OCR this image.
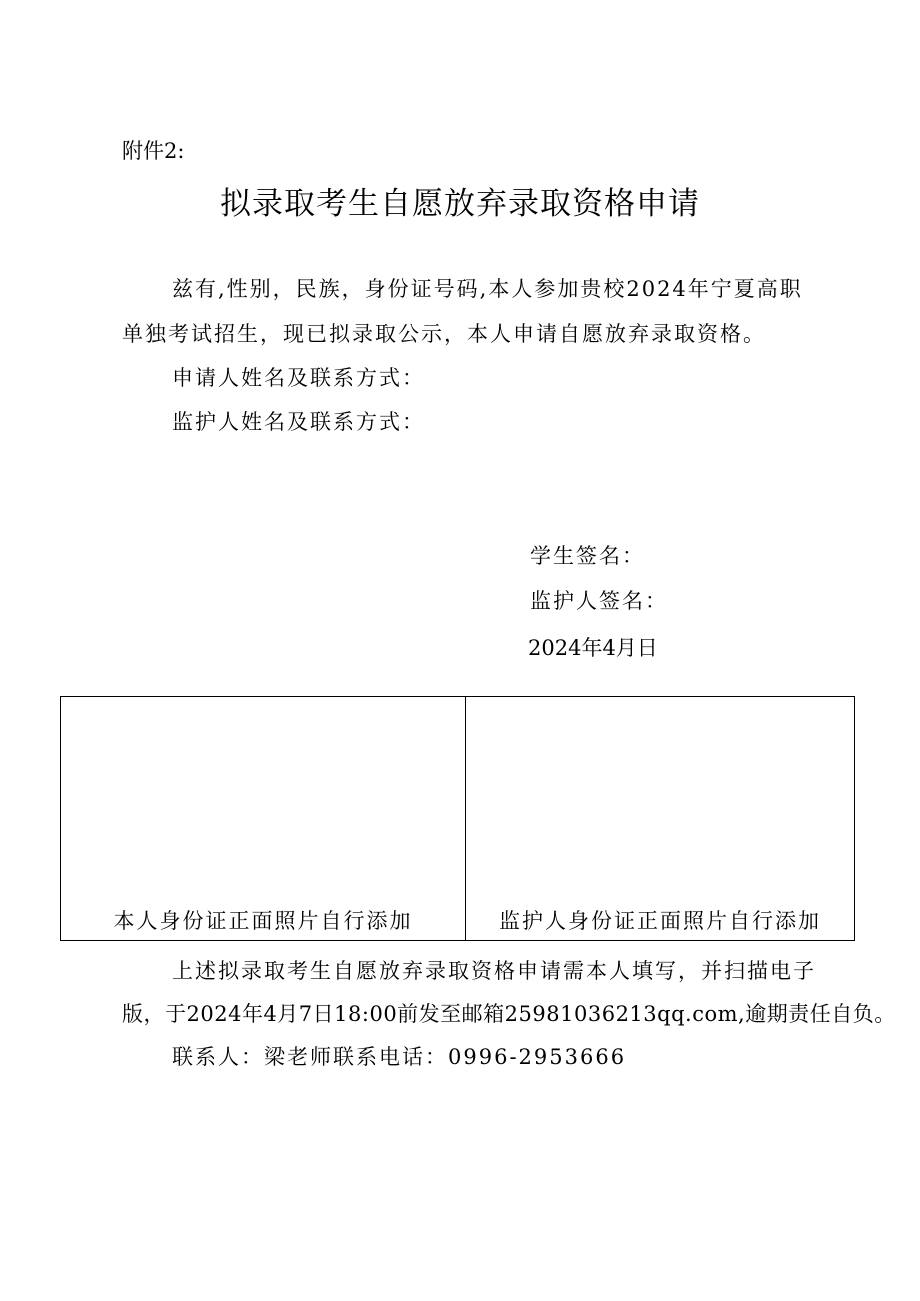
附件2:
拟录取考生自愿放弃录取资格申请
兹有,性别，民族，身份证号码,本人参加贵校2024年宁夏高职
单独考试招生，现已拟录取公示，本人申请自愿放弃录取资格。
申请人姓名及联系方式：
监护人姓名及联系方式：
学生签名：
监护人签名：
2024年4月日
本人身份证正面照片自行添加	监护人身份证正面照片自行添加
上述拟录取考生自愿放弃录取资格申请需本人填写，并扫描电子
版，于2024年4月7日18:00前发至邮箱25981036213qq.com,逾期责任自负。
联系人：梁老师联系电话：0996-2953666
